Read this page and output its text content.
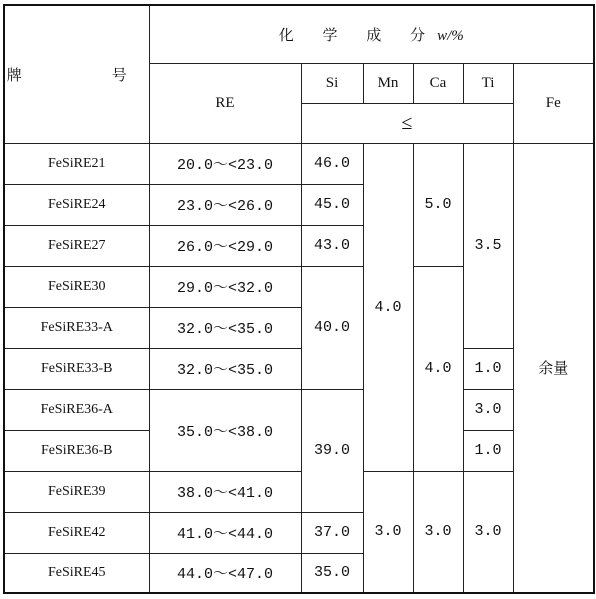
牌　　号	化 学 成 分w/%					
	RE	Si	Mn	Ca	Ti	Fe
		≤				
FeSiRE21	20.0～<23.0	46.0	4.0	5.0	3.5	余量
FeSiRE24	23.0～<26.0	45.0				
FeSiRE27	26.0～<29.0	43.0				
FeSiRE30	29.0～<32.0	40.0		4.0		
FeSiRE33-A	32.0～<35.0					
FeSiRE33-B	32.0～<35.0				1.0	
FeSiRE36-A	35.0～<38.0	39.0			3.0	
FeSiRE36-B					1.0	
FeSiRE39	38.0～<41.0		3.0	3.0	3.0	
FeSiRE42	41.0～<44.0	37.0				
FeSiRE45	44.0～<47.0	35.0				
